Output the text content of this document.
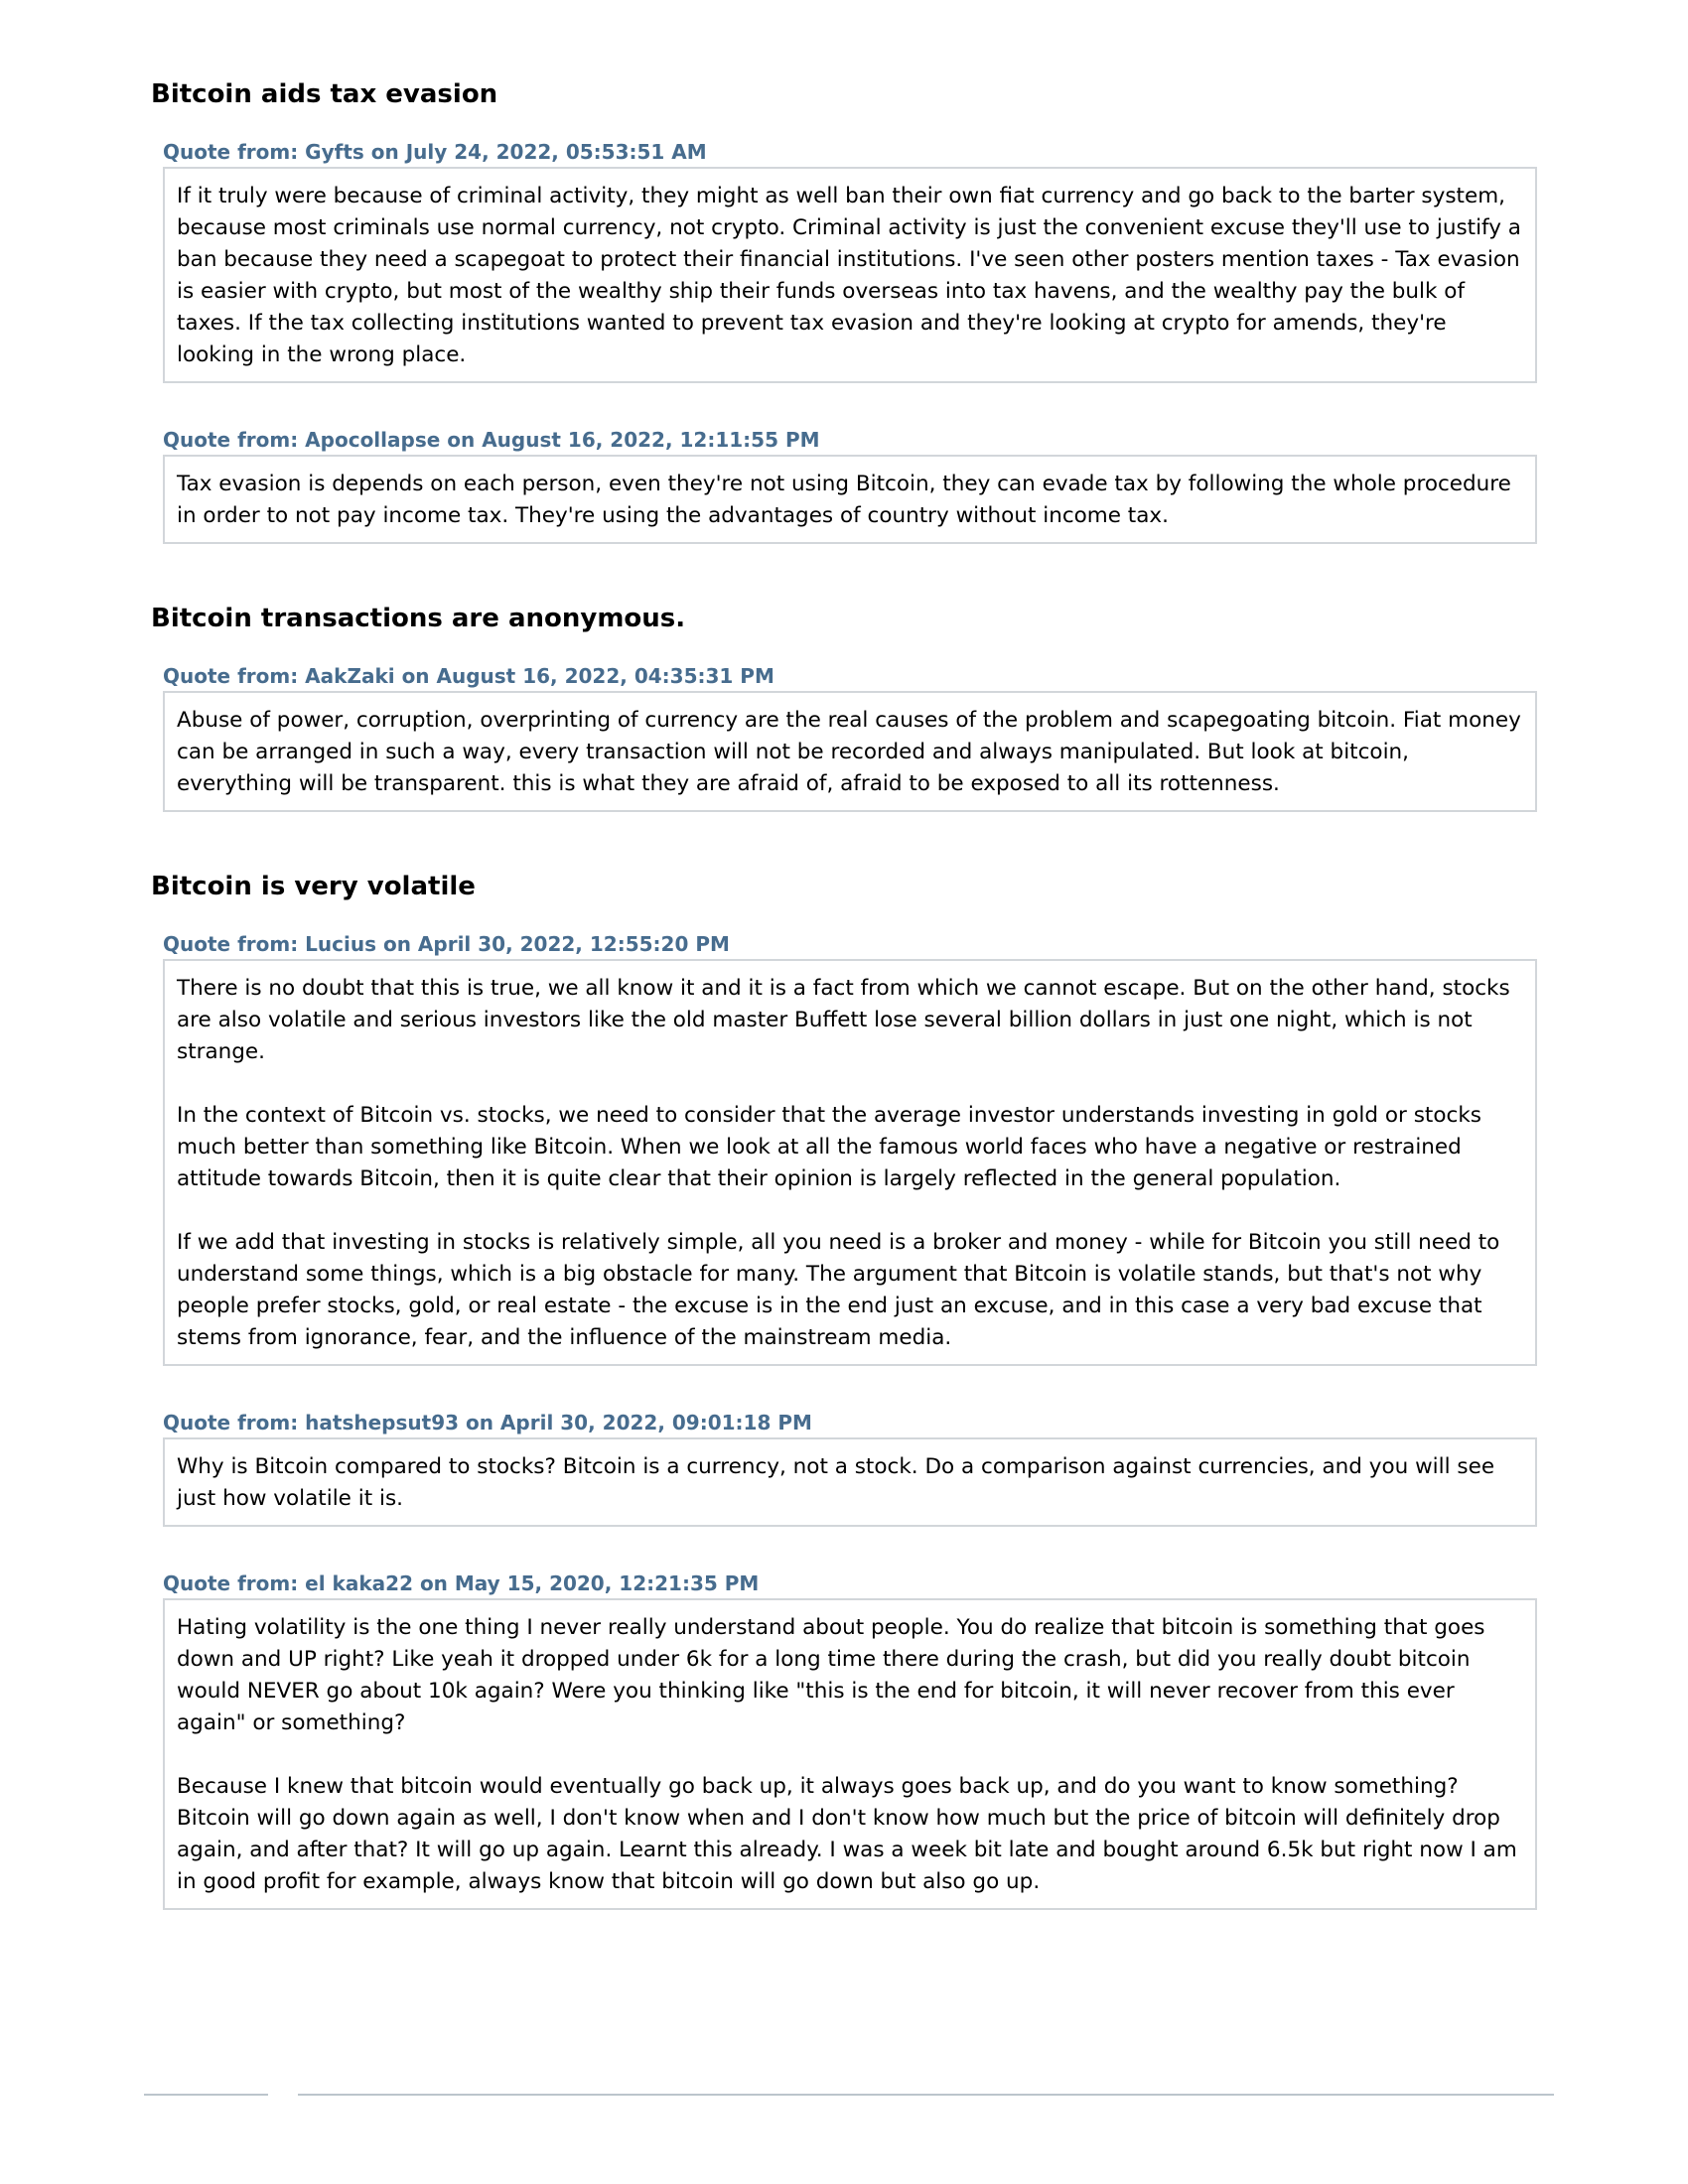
Bitcoin aids tax evasion
Quote from: Gyfts on July 24, 2022, 05:53:51 AM

If it truly were because of criminal activity, they might as well ban their own fiat currency and go back to the barter system, because most criminals use normal currency, not crypto. Criminal activity is just the convenient excuse they'll use to justify a ban because they need a scapegoat to protect their financial institutions. I've seen other posters mention taxes - Tax evasion is easier with crypto, but most of the wealthy ship their funds overseas into tax havens, and the wealthy pay the bulk of taxes. If the tax collecting institutions wanted to prevent tax evasion and they're looking at crypto for amends, they're looking in the wrong place.

Quote from: Apocollapse on August 16, 2022, 12:11:55 PM

Tax evasion is depends on each person, even they're not using Bitcoin, they can evade tax by following the whole procedure in order to not pay income tax. They're using the advantages of country without income tax.

Bitcoin transactions are anonymous.
Quote from: AakZaki on August 16, 2022, 04:35:31 PM

Abuse of power, corruption, overprinting of currency are the real causes of the problem and scapegoating bitcoin. Fiat money can be arranged in such a way, every transaction will not be recorded and always manipulated. But look at bitcoin, everything will be transparent. this is what they are afraid of, afraid to be exposed to all its rottenness.

Bitcoin is very volatile
Quote from: Lucius on April 30, 2022, 12:55:20 PM

There is no doubt that this is true, we all know it and it is a fact from which we cannot escape. But on the other hand, stocks are also volatile and serious investors like the old master Buffett lose several billion dollars in just one night, which is not strange.

In the context of Bitcoin vs. stocks, we need to consider that the average investor understands investing in gold or stocks much better than something like Bitcoin. When we look at all the famous world faces who have a negative or restrained attitude towards Bitcoin, then it is quite clear that their opinion is largely reflected in the general population.

If we add that investing in stocks is relatively simple, all you need is a broker and money - while for Bitcoin you still need to understand some things, which is a big obstacle for many. The argument that Bitcoin is volatile stands, but that's not why people prefer stocks, gold, or real estate - the excuse is in the end just an excuse, and in this case a very bad excuse that stems from ignorance, fear, and the influence of the mainstream media.

Quote from: hatshepsut93 on April 30, 2022, 09:01:18 PM

Why is Bitcoin compared to stocks? Bitcoin is a currency, not a stock. Do a comparison against currencies, and you will see just how volatile it is.

Quote from: el kaka22 on May 15, 2020, 12:21:35 PM

Hating volatility is the one thing I never really understand about people. You do realize that bitcoin is something that goes down and UP right? Like yeah it dropped under 6k for a long time there during the crash, but did you really doubt bitcoin would NEVER go about 10k again? Were you thinking like "this is the end for bitcoin, it will never recover from this ever again" or something?

Because I knew that bitcoin would eventually go back up, it always goes back up, and do you want to know something? Bitcoin will go down again as well, I don't know when and I don't know how much but the price of bitcoin will definitely drop again, and after that? It will go up again. Learnt this already. I was a week bit late and bought around 6.5k but right now I am in good profit for example, always know that bitcoin will go down but also go up.
